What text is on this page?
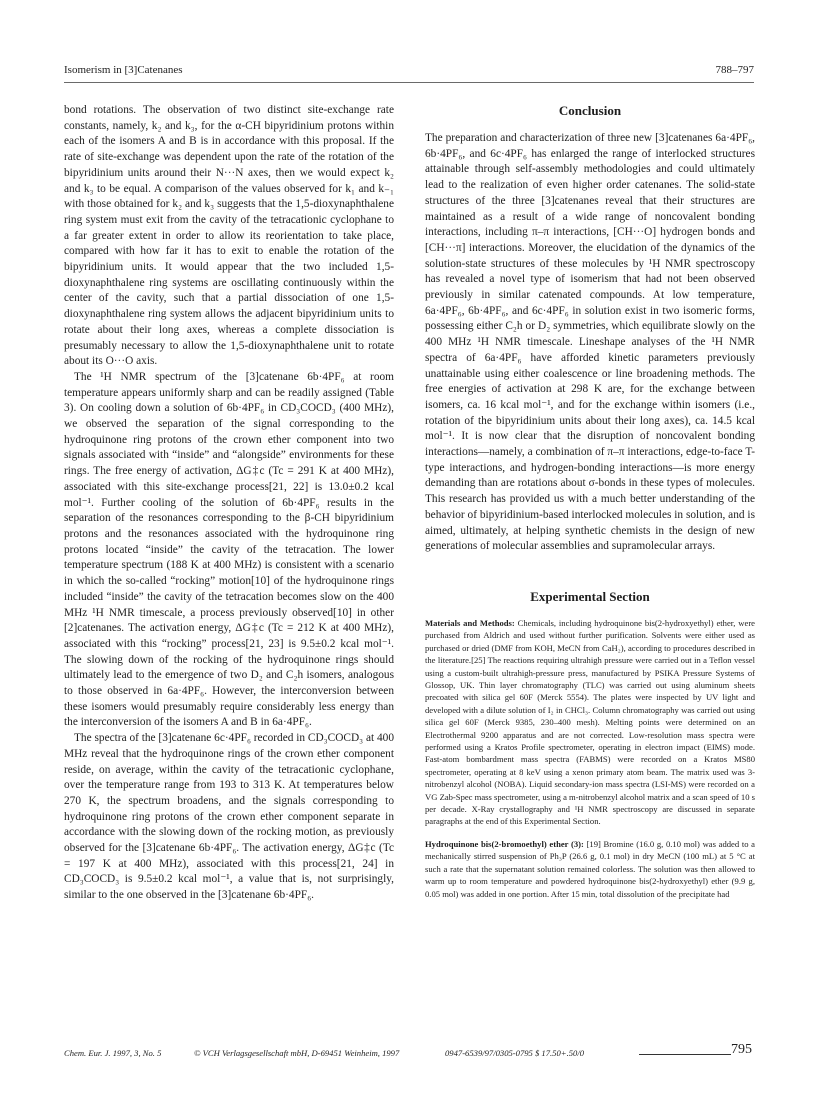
Isomerism in [3]Catenanes	788–797

bond rotations. The observation of two distinct site-exchange rate constants, namely, k₂ and k₃, for the α-CH bipyridinium protons within each of the isomers A and B is in accordance with this proposal. If the rate of site-exchange was dependent upon the rate of the rotation of the bipyridinium units around their N···N axes, then we would expect k₂ and k₃ to be equal. A comparison of the values observed for k₁ and k₋₁ with those obtained for k₂ and k₃ suggests that the 1,5-dioxynaphthalene ring system must exit from the cavity of the tetracationic cyclophane to a far greater extent in order to allow its reorientation to take place, compared with how far it has to exit to enable the rotation of the bipyridinium units. It would appear that the two included 1,5-dioxynaphthalene ring systems are oscillating continuously within the center of the cavity, such that a partial dissociation of one 1,5-dioxynaphthalene ring system allows the adjacent bipyridinium units to rotate about their long axes, whereas a complete dissociation is presumably necessary to allow the 1,5-dioxynaphthalene unit to rotate about its O···O axis.

The ¹H NMR spectrum of the [3]catenane 6b·4PF₆ at room temperature appears uniformly sharp and can be readily assigned (Table 3). On cooling down a solution of 6b·4PF₆ in CD₃COCD₃ (400 MHz), we observed the separation of the signal corresponding to the hydroquinone ring protons of the crown ether component into two signals associated with “inside” and “alongside” environments for these rings. The free energy of activation, ΔG‡c (Tc = 291 K at 400 MHz), associated with this site-exchange process[21, 22] is 13.0±0.2 kcal mol⁻¹. Further cooling of the solution of 6b·4PF₆ results in the separation of the resonances corresponding to the β-CH bipyridinium protons and the resonances associated with the hydroquinone ring protons located “inside” the cavity of the tetracation. The lower temperature spectrum (188 K at 400 MHz) is consistent with a scenario in which the so-called “rocking” motion[10] of the hydroquinone rings included “inside” the cavity of the tetracation becomes slow on the 400 MHz ¹H NMR timescale, a process previously observed[10] in other [2]catenanes. The activation energy, ΔG‡c (Tc = 212 K at 400 MHz), associated with this “rocking” process[21, 23] is 9.5±0.2 kcal mol⁻¹. The slowing down of the rocking of the hydroquinone rings should ultimately lead to the emergence of two D₂ and C₂h isomers, analogous to those observed in 6a·4PF₆. However, the interconversion between these isomers would presumably require considerably less energy than the interconversion of the isomers A and B in 6a·4PF₆.

The spectra of the [3]catenane 6c·4PF₆ recorded in CD₃COCD₃ at 400 MHz reveal that the hydroquinone rings of the crown ether component reside, on average, within the cavity of the tetracationic cyclophane, over the temperature range from 193 to 313 K. At temperatures below 270 K, the spectrum broadens, and the signals corresponding to hydroquinone ring protons of the crown ether component separate in accordance with the slowing down of the rocking motion, as previously observed for the [3]catenane 6b·4PF₆. The activation energy, ΔG‡c (Tc = 197 K at 400 MHz), associated with this process[21, 24] in CD₃COCD₃ is 9.5±0.2 kcal mol⁻¹, a value that is, not surprisingly, similar to the one observed in the [3]catenane 6b·4PF₆.

Conclusion

The preparation and characterization of three new [3]catenanes 6a·4PF₆, 6b·4PF₆, and 6c·4PF₆ has enlarged the range of interlocked structures attainable through self-assembly methodologies and could ultimately lead to the realization of even higher order catenanes. The solid-state structures of the three [3]catenanes reveal that their structures are maintained as a result of a wide range of noncovalent bonding interactions, including π–π interactions, [CH···O] hydrogen bonds and [CH···π] interactions. Moreover, the elucidation of the dynamics of the solution-state structures of these molecules by ¹H NMR spectroscopy has revealed a novel type of isomerism that had not been observed previously in similar catenated compounds. At low temperature, 6a·4PF₆, 6b·4PF₆, and 6c·4PF₆ in solution exist in two isomeric forms, possessing either C₂h or D₂ symmetries, which equilibrate slowly on the 400 MHz ¹H NMR timescale. Lineshape analyses of the ¹H NMR spectra of 6a·4PF₆ have afforded kinetic parameters previously unattainable using either coalescence or line broadening methods. The free energies of activation at 298 K are, for the exchange between isomers, ca. 16 kcal mol⁻¹, and for the exchange within isomers (i.e., rotation of the bipyridinium units about their long axes), ca. 14.5 kcal mol⁻¹. It is now clear that the disruption of noncovalent bonding interactions—namely, a combination of π–π interactions, edge-to-face T-type interactions, and hydrogen-bonding interactions—is more energy demanding than are rotations about σ-bonds in these types of molecules. This research has provided us with a much better understanding of the behavior of bipyridinium-based interlocked molecules in solution, and is aimed, ultimately, at helping synthetic chemists in the design of new generations of molecular assemblies and supramolecular arrays.

Experimental Section

Materials and Methods: Chemicals, including hydroquinone bis(2-hydroxyethyl) ether, were purchased from Aldrich and used without further purification. Solvents were either used as purchased or dried (DMF from KOH, MeCN from CaH₂), according to procedures described in the literature.[25] The reactions requiring ultrahigh pressure were carried out in a Teflon vessel using a custom-built ultrahigh-pressure press, manufactured by PSIKA Pressure Systems of Glossop, UK. Thin layer chromatography (TLC) was carried out using aluminum sheets precoated with silica gel 60F (Merck 5554). The plates were inspected by UV light and developed with a dilute solution of I₂ in CHCl₃. Column chromatography was carried out using silica gel 60F (Merck 9385, 230–400 mesh). Melting points were determined on an Electrothermal 9200 apparatus and are not corrected. Low-resolution mass spectra were performed using a Kratos Profile spectrometer, operating in electron impact (EIMS) mode. Fast-atom bombardment mass spectra (FABMS) were recorded on a Kratos MS80 spectrometer, operating at 8 keV using a xenon primary atom beam. The matrix used was 3-nitrobenzyl alcohol (NOBA). Liquid secondary-ion mass spectra (LSI-MS) were recorded on a VG Zab-Spec mass spectrometer, using a m-nitrobenzyl alcohol matrix and a scan speed of 10 s per decade. X-Ray crystallography and ¹H NMR spectroscopy are discussed in separate paragraphs at the end of this Experimental Section.

Hydroquinone bis(2-bromoethyl) ether (3): [19] Bromine (16.0 g, 0.10 mol) was added to a mechanically stirred suspension of Ph₃P (26.6 g, 0.1 mol) in dry MeCN (100 mL) at 5 °C at such a rate that the supernatant solution remained colorless. The solution was then allowed to warm up to room temperature and powdered hydroquinone bis(2-hydroxyethyl) ether (9.9 g, 0.05 mol) was added in one portion. After 15 min, total dissolution of the precipitate had

Chem. Eur. J. 1997, 3, No. 5	© VCH Verlagsgesellschaft mbH, D-69451 Weinheim, 1997	0947-6539/97/0305-0795 $ 17.50+.50/0	795
